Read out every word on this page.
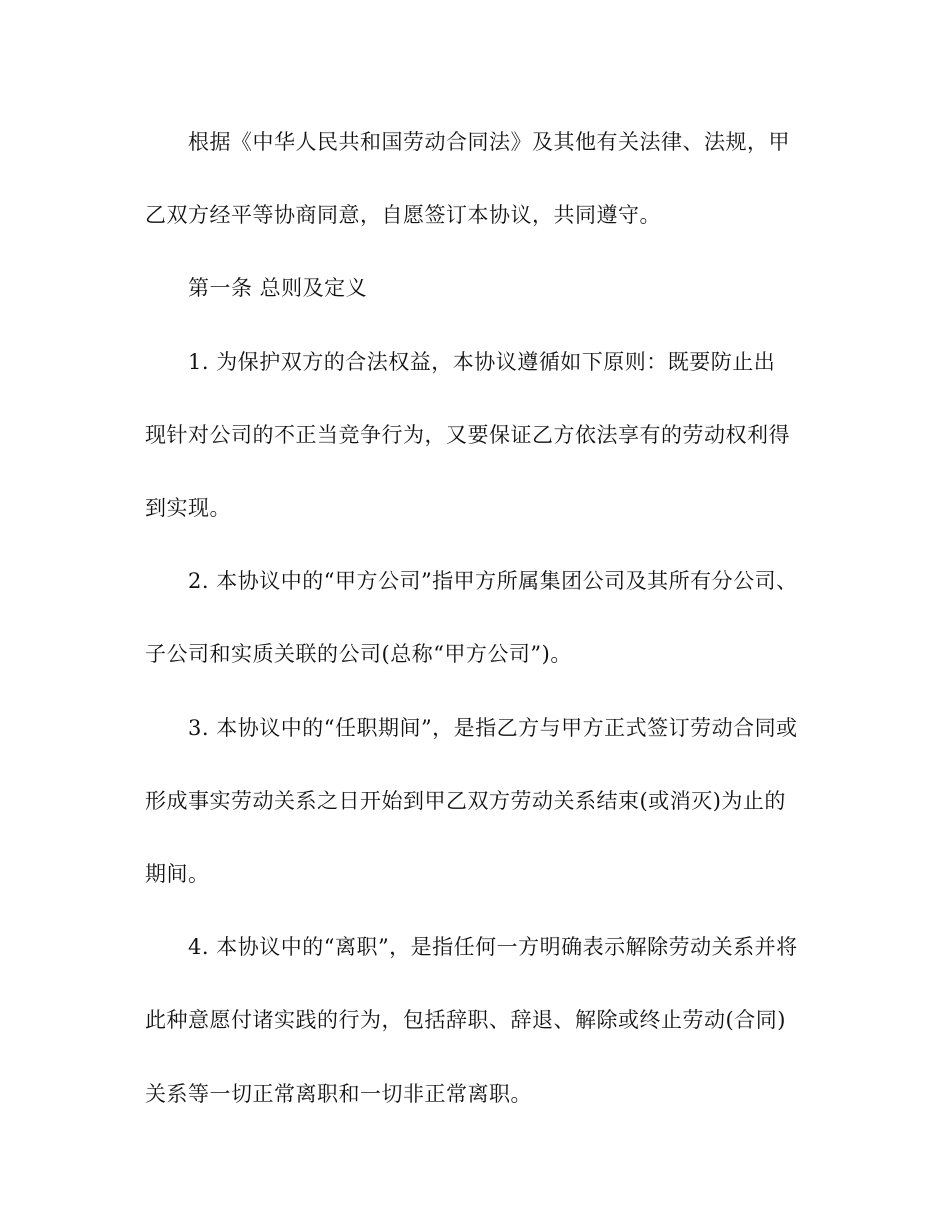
根据《中华人民共和国劳动合同法》及其他有关法律、法规，甲
乙双方经平等协商同意，自愿签订本协议，共同遵守。
第一条 总则及定义
1. 为保护双方的合法权益，本协议遵循如下原则：既要防止出
现针对公司的不正当竞争行为，又要保证乙方依法享有的劳动权利得
到实现。
2. 本协议中的“甲方公司”指甲方所属集团公司及其所有分公司、
子公司和实质关联的公司(总称“甲方公司”)。
3. 本协议中的“任职期间”，是指乙方与甲方正式签订劳动合同或
形成事实劳动关系之日开始到甲乙双方劳动关系结束(或消灭)为止的
期间。
4. 本协议中的“离职”，是指任何一方明确表示解除劳动关系并将
此种意愿付诸实践的行为，包括辞职、辞退、解除或终止劳动(合同)
关系等一切正常离职和一切非正常离职。
